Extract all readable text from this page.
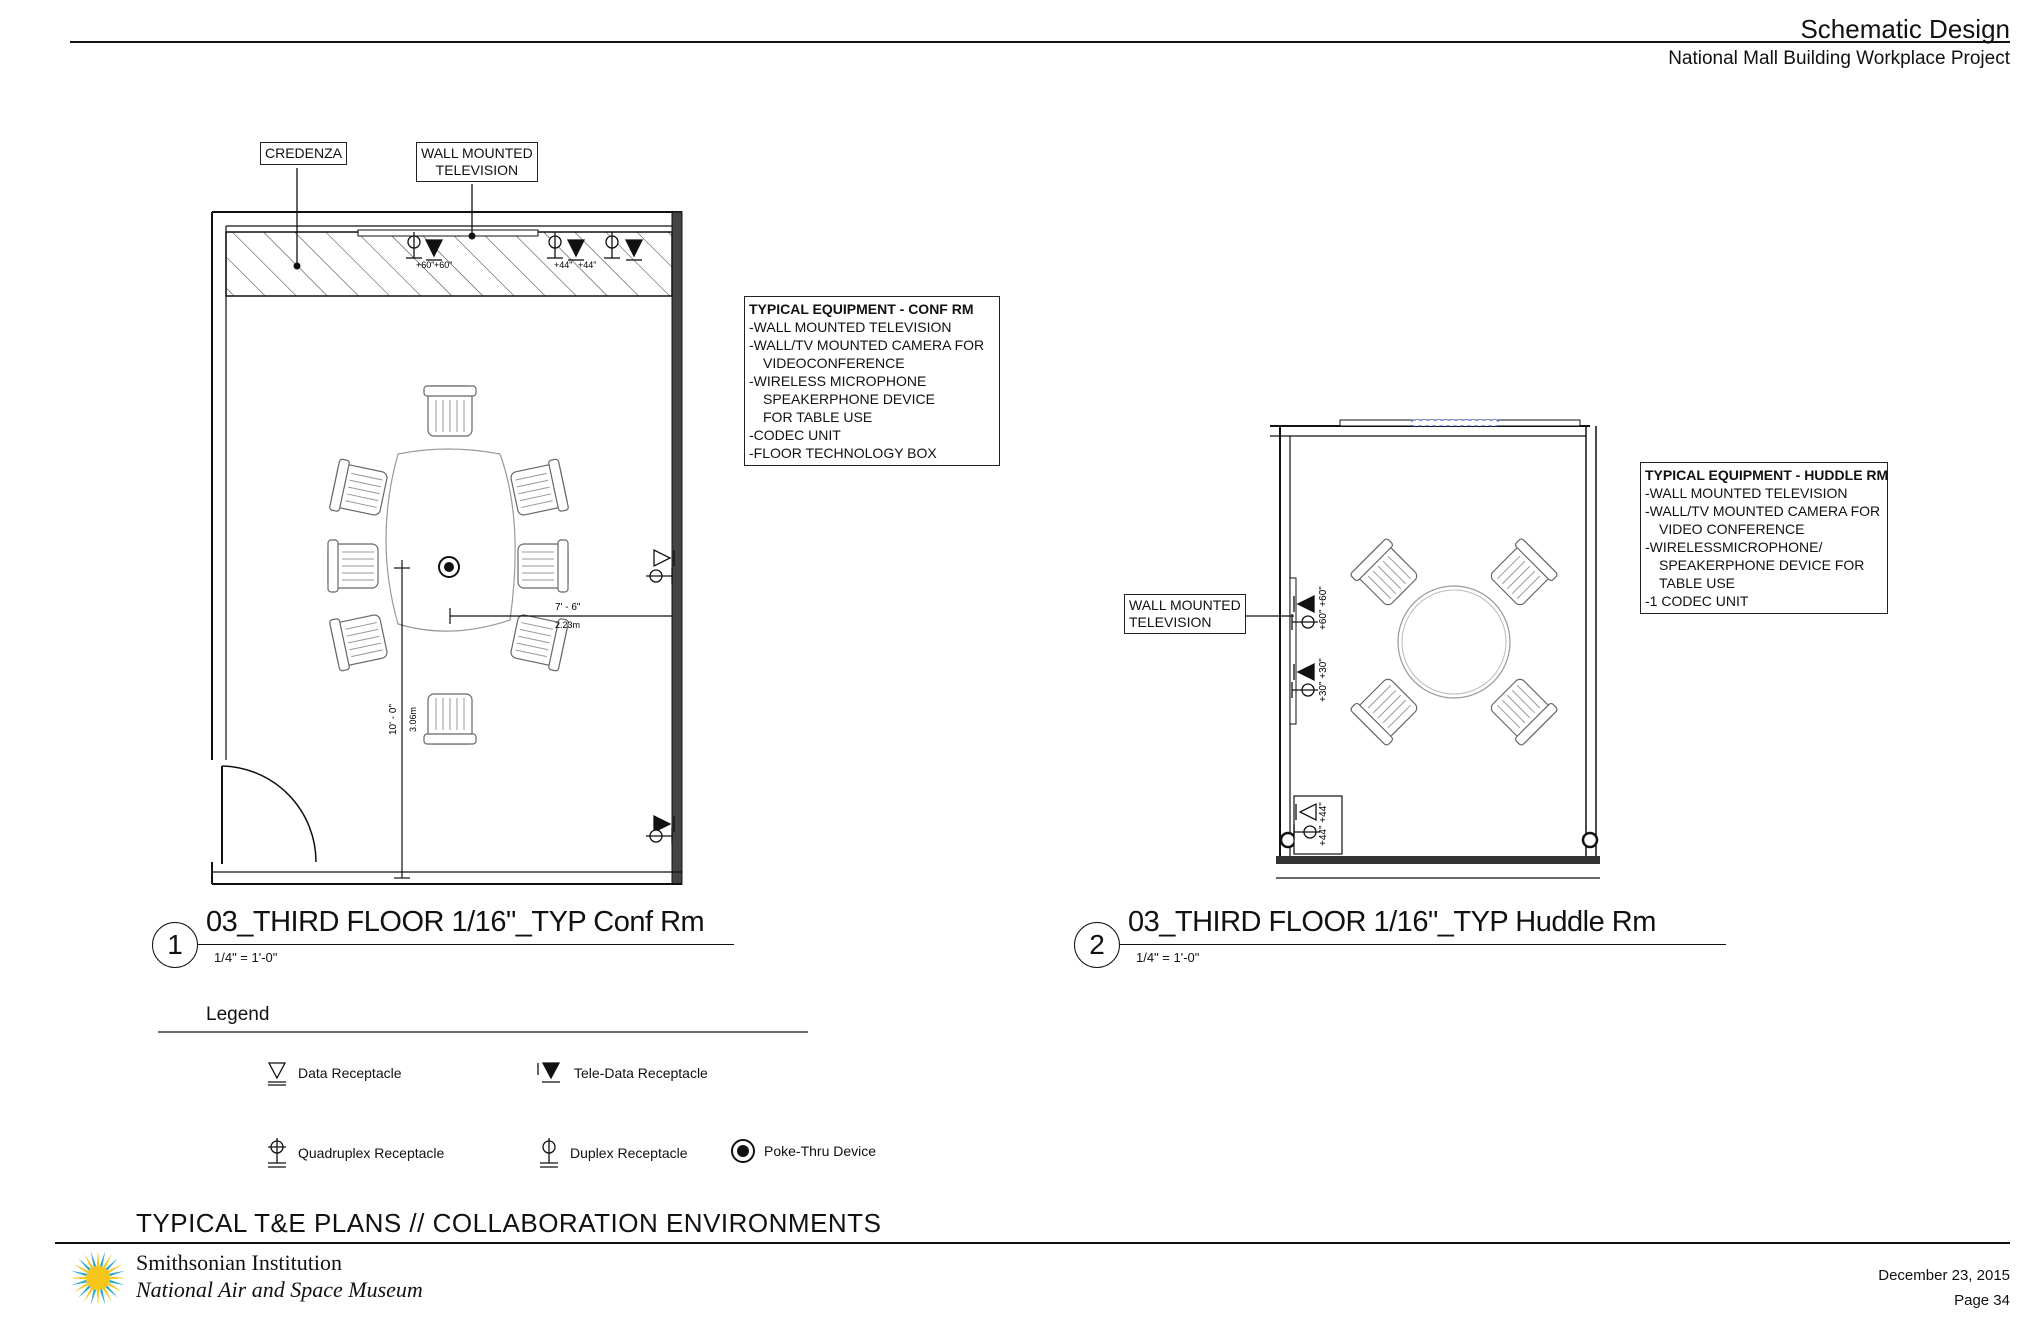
Schematic Design
National Mall Building Workplace Project
+60" +60"	+44" +44"
7' - 6"
2.23m
10' - 0" 3.06m
+60" +60"
+30" +30"
+44" +44"
CREDENZA	WALL MOUNTED
TELEVISION
TYPICAL EQUIPMENT - CONF RM
-WALL MOUNTED TELEVISION
-WALL/TV MOUNTED CAMERA FOR
VIDEOCONFERENCE
-WIRELESS MICROPHONE
SPEAKERPHONE DEVICE
FOR TABLE USE
-CODEC UNIT
-FLOOR TECHNOLOGY BOX
WALL MOUNTED
TELEVISION
TYPICAL EQUIPMENT - HUDDLE RM
-WALL MOUNTED TELEVISION
-WALL/TV MOUNTED CAMERA FOR
VIDEO CONFERENCE
-WIRELESSMICROPHONE/
SPEAKERPHONE DEVICE FOR
TABLE USE
-1 CODEC UNIT
1
03_THIRD FLOOR 1/16"_TYP Conf Rm
1/4" = 1'-0"	2
03_THIRD FLOOR 1/16"_TYP Huddle Rm
1/4" = 1'-0"
Legend
Data Receptacle	Tele-Data Receptacle
Quadruplex Receptacle	Duplex Receptacle	Poke-Thru Device
TYPICAL T&E PLANS // COLLABORATION ENVIRONMENTS
Smithsonian Institution
National Air and Space Museum
December 23, 2015
Page 34
